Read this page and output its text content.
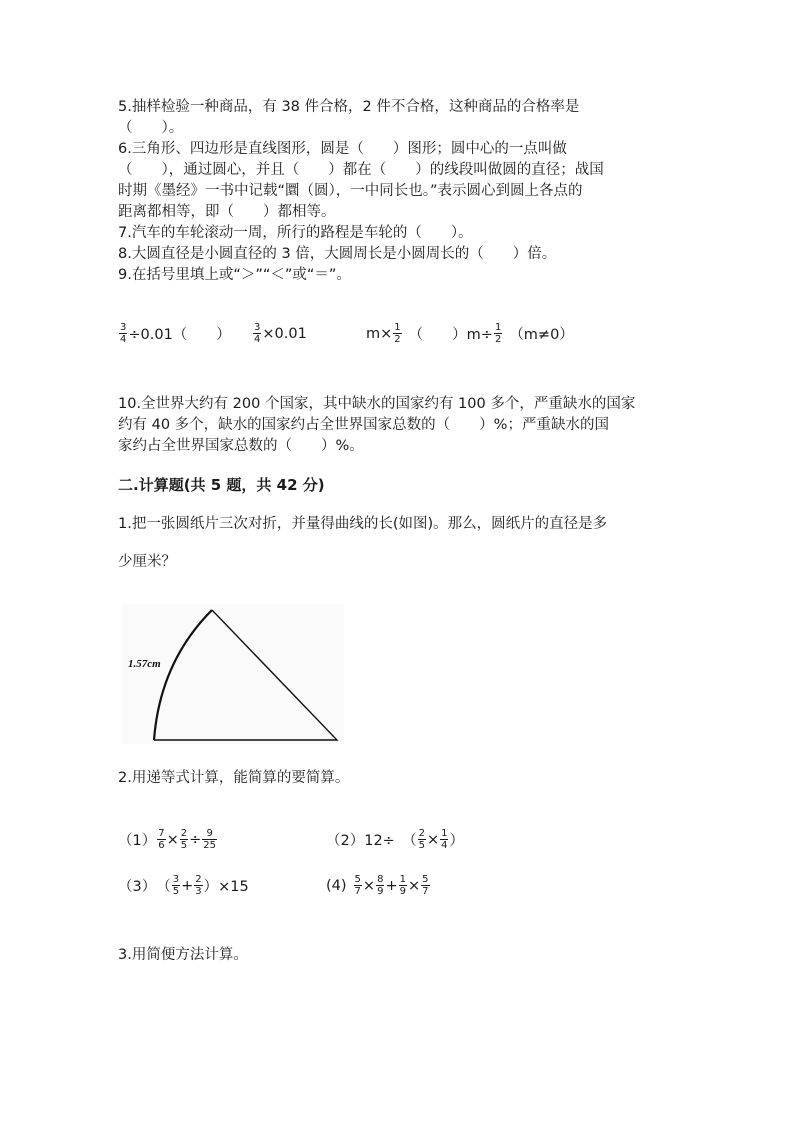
5.抽样检验一种商品，有 38 件合格，2 件不合格，这种商品的合格率是
（　　）。
6.三角形、四边形是直线图形，圆是（　　）图形；圆中心的一点叫做
（　　），通过圆心，并且（　　）都在（　　）的线段叫做圆的直径；战国
时期《墨经》一书中记载“圜（圆），一中同长也。”表示圆心到圆上各点的
距离都相等，即（　　）都相等。
7.汽车的车轮滚动一周，所行的路程是车轮的（　　）。
8.大圆直径是小圆直径的 3 倍，大圆周长是小圆周长的（　　）倍。
9.在括号里填上或“＞”“＜”或“＝”。
$\frac{3}{4} \div 0.01$（　　） $\frac{3}{4} \times 0.01$	$m\times \frac{1}{2}$ （　　）$m\div \frac{1}{2} (m\ne 0)$
10.全世界大约有 200 个国家，其中缺水的国家约有 100 多个，严重缺水的国家
约有 40 多个，缺水的国家约占全世界国家总数的（　　）%；严重缺水的国
家约占全世界国家总数的（　　）%。
二.计算题(共 5 题，共 42 分)
1.把一张圆纸片三次对折，并量得曲线的长(如图)。那么，圆纸片的直径是多
少厘米？
1.57cm
2.用递等式计算，能简算的要简算。
$(1) \frac{7}{6} \times \frac{2}{5} \div \frac{9}{25}$	（2）12÷　（ $\frac{2}{5} \times \frac{1}{4}$ ）
（3）　（ $\frac{3}{5} + \frac{2}{3} )\times 15$	$(4) \frac{5}{7} \times \frac{8}{9} + \frac{1}{9} \times \frac{5}{7}$
3.用简便方法计算。
